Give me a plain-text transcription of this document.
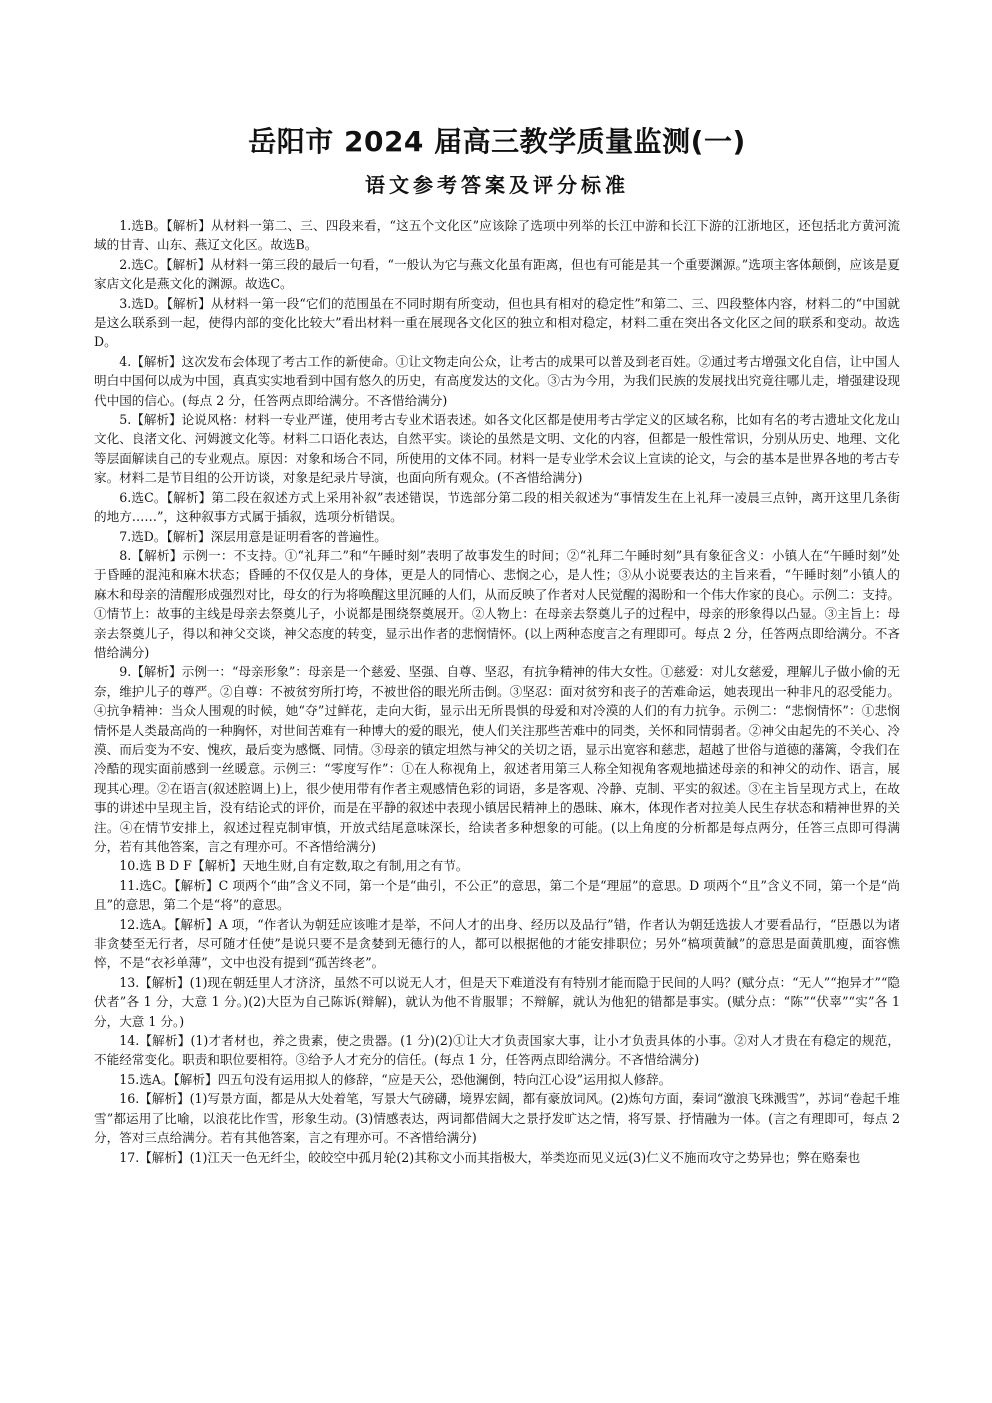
岳阳市 2024 届高三教学质量监测(一)
语文参考答案及评分标准

1.选B。【解析】从材料一第二、三、四段来看，“这五个文化区”应该除了选项中列举的长江中游和长江下游的江浙地区，还包括北方黄河流域的甘青、山东、燕辽文化区。故选B。

2.选C。【解析】从材料一第三段的最后一句看，“一般认为它与燕文化虽有距离，但也有可能是其一个重要渊源。”选项主客体颠倒，应该是夏家店文化是燕文化的渊源。故选C。

3.选D。【解析】从材料一第一段“它们的范围虽在不同时期有所变动，但也具有相对的稳定性”和第二、三、四段整体内容，材料二的“中国就是这么联系到一起，使得内部的变化比较大”看出材料一重在展现各文化区的独立和相对稳定，材料二重在突出各文化区之间的联系和变动。故选D。

4.【解析】这次发布会体现了考古工作的新使命。①让文物走向公众，让考古的成果可以普及到老百姓。②通过考古增强文化自信，让中国人明白中国何以成为中国，真真实实地看到中国有悠久的历史，有高度发达的文化。③古为今用，为我们民族的发展找出究竟往哪儿走，增强建设现代中国的信心。(每点 2 分，任答两点即给满分。不吝惜给满分)

5.【解析】论说风格：材料一专业严谨，使用考古专业术语表述。如各文化区都是使用考古学定义的区域名称，比如有名的考古遗址文化龙山文化、良渚文化、河姆渡文化等。材料二口语化表达，自然平实。谈论的虽然是文明、文化的内容，但都是一般性常识，分别从历史、地理、文化等层面解读自己的专业观点。原因：对象和场合不同，所使用的文体不同。材料一是专业学术会议上宣读的论文，与会的基本是世界各地的考古专家。材料二是节目组的公开访谈，对象是纪录片导演，也面向所有观众。(不吝惜给满分)

6.选C。【解析】第二段在叙述方式上采用补叙”表述错误，节选部分第二段的相关叙述为“事情发生在上礼拜一凌晨三点钟，离开这里几条街的地方……”，这种叙事方式属于插叙，选项分析错误。

7.选D。【解析】深层用意是证明看客的普遍性。

8.【解析】示例一：不支持。①“礼拜二”和“午睡时刻”表明了故事发生的时间；②“礼拜二午睡时刻”具有象征含义：小镇人在“午睡时刻”处于昏睡的混沌和麻木状态；昏睡的不仅仅是人的身体，更是人的同情心、悲悯之心，是人性；③从小说要表达的主旨来看，“午睡时刻”小镇人的麻木和母亲的清醒形成强烈对比，母女的行为将唤醒这里沉睡的人们，从而反映了作者对人民觉醒的渴盼和一个伟大作家的良心。示例二：支持。①情节上：故事的主线是母亲去祭奠儿子，小说都是围绕祭奠展开。②人物上：在母亲去祭奠儿子的过程中，母亲的形象得以凸显。③主旨上：母亲去祭奠儿子，得以和神父交谈，神父态度的转变，显示出作者的悲悯情怀。(以上两种态度言之有理即可。每点 2 分，任答两点即给满分。不吝惜给满分)

9.【解析】示例一：“母亲形象”：母亲是一个慈爱、坚强、自尊、坚忍，有抗争精神的伟大女性。①慈爱：对儿女慈爱，理解儿子做小偷的无奈，维护儿子的尊严。②自尊：不被贫穷所打垮，不被世俗的眼光所击倒。③坚忍：面对贫穷和丧子的苦难命运，她表现出一种非凡的忍受能力。④抗争精神：当众人围观的时候，她“夺”过鲜花，走向大街，显示出无所畏惧的母爱和对冷漠的人们的有力抗争。示例二：“悲悯情怀”：①悲悯情怀是人类最高尚的一种胸怀，对世间苦难有一种博大的爱的眼光，使人们关注那些苦难中的同类，关怀和同情弱者。②神父由起先的不关心、冷漠、而后变为不安、愧疚，最后变为感慨、同情。③母亲的镇定坦然与神父的关切之语，显示出宽容和慈悲，超越了世俗与道德的藩篱，令我们在冷酷的现实面前感到一丝暖意。示例三：“零度写作”：①在人称视角上，叙述者用第三人称全知视角客观地描述母亲的和神父的动作、语言，展现其心理。②在语言(叙述腔调上)上，很少使用带有作者主观感情色彩的词语，多是客观、冷静、克制、平实的叙述。③在主旨呈现方式上，在故事的讲述中呈现主旨，没有结论式的评价，而是在平静的叙述中表现小镇居民精神上的愚昧、麻木，体现作者对拉美人民生存状态和精神世界的关注。④在情节安排上，叙述过程克制审慎，开放式结尾意味深长，给读者多种想象的可能。(以上角度的分析都是每点两分，任答三点即可得满分，若有其他答案，言之有理亦可。不吝惜给满分)

10.选 B D F【解析】天地生财,自有定数,取之有制,用之有节。

11.选C。【解析】C 项两个“曲”含义不同，第一个是“曲引，不公正”的意思，第二个是“理屈”的意思。D 项两个“且”含义不同，第一个是“尚且”的意思，第二个是“将”的意思。

12.选A。【解析】A 项，“作者认为朝廷应该唯才是举，不问人才的出身、经历以及品行”错，作者认为朝廷选拔人才要看品行，“臣愚以为诸非贪婪至无行者，尽可随才任使”是说只要不是贪婪到无德行的人，都可以根据他的才能安排职位；另外“槁项黄馘”的意思是面黄肌瘦，面容憔悴，不是“衣衫单薄”，文中也没有提到“孤苦终老”。

13.【解析】(1)现在朝廷里人才济济，虽然不可以说无人才，但是天下难道没有有特别才能而隐于民间的人吗？(赋分点：“无人”“抱异才”“隐伏者”各 1 分，大意 1 分。)(2)大臣为自己陈诉(辩解)，就认为他不肯服罪；不辩解，就认为他犯的错都是事实。(赋分点：“陈”“伏辜”“实”各 1 分，大意 1 分。)

14.【解析】(1)才者材也，养之贵素，使之贵器。(1 分)(2)①让大才负责国家大事，让小才负责具体的小事。②对人才贵在有稳定的规范，不能经常变化。职责和职位要相符。③给予人才充分的信任。(每点 1 分，任答两点即给满分。不吝惜给满分)

15.选A。【解析】四五句没有运用拟人的修辞，“应是天公，恐他澜倒，特向江心设”运用拟人修辞。

16.【解析】(1)写景方面，都是从大处着笔，写景大气磅礴，境界宏阔，都有豪放词风。(2)炼句方面，秦词“激浪飞珠溅雪”，苏词“卷起千堆雪”都运用了比喻，以浪花比作雪，形象生动。(3)情感表达，两词都借阔大之景抒发旷达之情，将写景、抒情融为一体。(言之有理即可，每点 2 分，答对三点给满分。若有其他答案，言之有理亦可。不吝惜给满分)

17.【解析】(1)江天一色无纤尘，皎皎空中孤月轮(2)其称文小而其指极大，举类迩而见义远(3)仁义不施而攻守之势异也；弊在赂秦也
